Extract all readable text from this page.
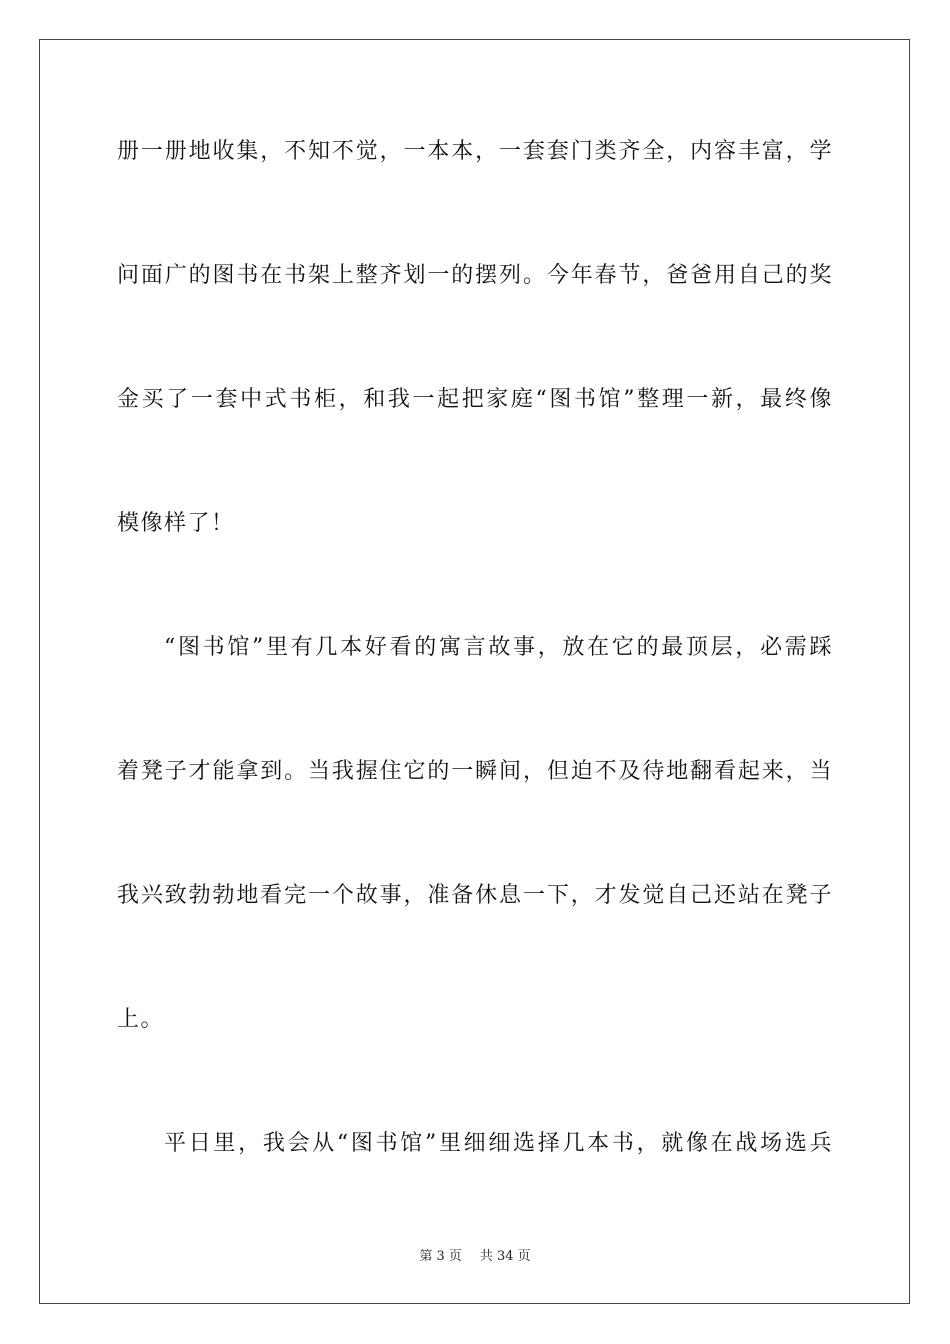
册一册地收集，不知不觉，一本本，一套套门类齐全，内容丰富，学
问面广的图书在书架上整齐划一的摆列。今年春节，爸爸用自己的奖
金买了一套中式书柜，和我一起把家庭“图书馆”整理一新，最终像
模像样了！
“图书馆”里有几本好看的寓言故事，放在它的最顶层，必需踩
着凳子才能拿到。当我握住它的一瞬间，但迫不及待地翻看起来，当
我兴致勃勃地看完一个故事，准备休息一下，才发觉自己还站在凳子
上。
平日里，我会从“图书馆”里细细选择几本书，就像在战场选兵
第 3 页 共 34 页
